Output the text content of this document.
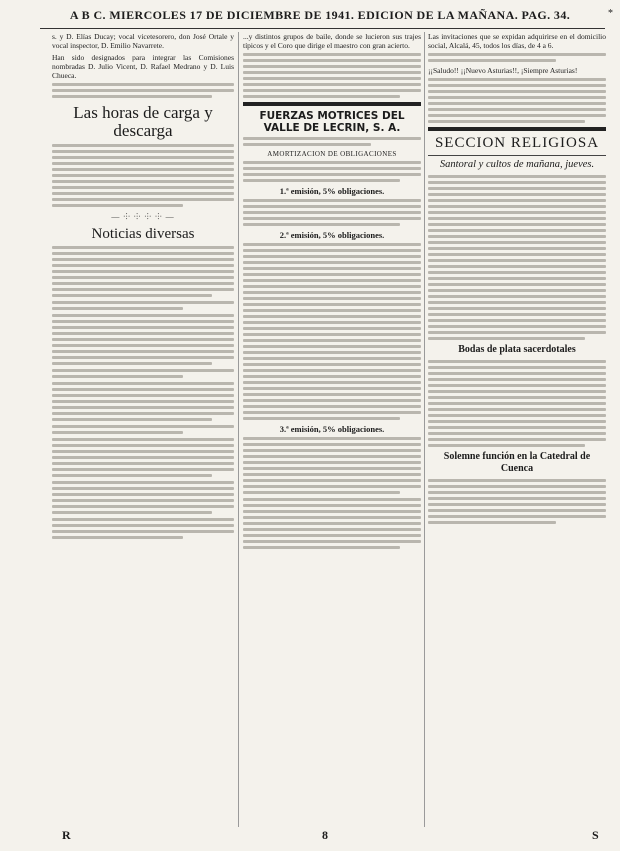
A B C. MIERCOLES 17 DE DICIEMBRE DE 1941. EDICION DE LA MAÑANA. PAG. 34.	*

s. y D. Elías Ducay; vocal vicetesorero, don José Ortale y vocal inspector, D. Emilio Navarrete.

Han sido designados para integrar las Comisiones nombradas D. Julio Vicent, D. Rafael Medrano y D. Luis Chueca.

Las horas de carga y descarga
— ⸭ ⸭ ⸭ ⸭ —
Noticias diversas

...y distintos grupos de baile, donde se lucieron sus trajes típicos y el Coro que dirige el maestro con gran acierto.

FUERZAS MOTRICES DEL VALLE DE LECRIN, S. A.
AMORTIZACION DE OBLIGACIONES
1.ª emisión, 5% obligaciones.
2.ª emisión, 5% obligaciones.
3.ª emisión, 5% obligaciones.

Las invitaciones que se expidan adquirirse en el domicilio social, Alcalá, 45, todos los días, de 4 a 6.

¡¡Saludo!! ¡¡Nuevo Asturias!!, ¡Siempre Asturias!

SECCION RELIGIOSA
Santoral y cultos de mañana, jueves.
Bodas de plata sacerdotales
Solemne función en la Catedral de Cuenca
R	8	S
